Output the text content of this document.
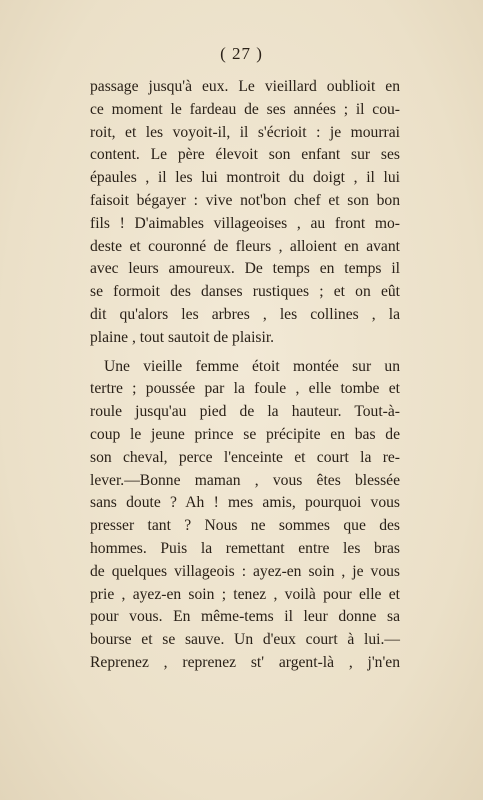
( 27 )
passage jusqu'à eux. Le vieillard oublioit en
ce moment le fardeau de ses années ; il cou-
roit, et les voyoit-il, il s'écrioit : je mourrai
content. Le père élevoit son enfant sur ses
épaules , il les lui montroit du doigt , il lui
faisoit bégayer : vive not'bon chef et son bon
fils ! D'aimables villageoises , au front mo-
deste et couronné de fleurs , alloient en avant
avec leurs amoureux. De temps en temps il
se formoit des danses rustiques ; et on eût
dit qu'alors les arbres , les collines , la
plaine , tout sautoit de plaisir.
Une vieille femme étoit montée sur un
tertre ; poussée par la foule , elle tombe et
roule jusqu'au pied de la hauteur. Tout-à-
coup le jeune prince se précipite en bas de
son cheval, perce l'enceinte et court la re-
lever.—Bonne maman , vous êtes blessée
sans doute ? Ah ! mes amis, pourquoi vous
presser tant ? Nous ne sommes que des
hommes. Puis la remettant entre les bras
de quelques villageois : ayez-en soin , je vous
prie , ayez-en soin ; tenez , voilà pour elle et
pour vous. En même-tems il leur donne sa
bourse et se sauve. Un d'eux court à lui.—
Reprenez , reprenez st' argent-là , j'n'en
